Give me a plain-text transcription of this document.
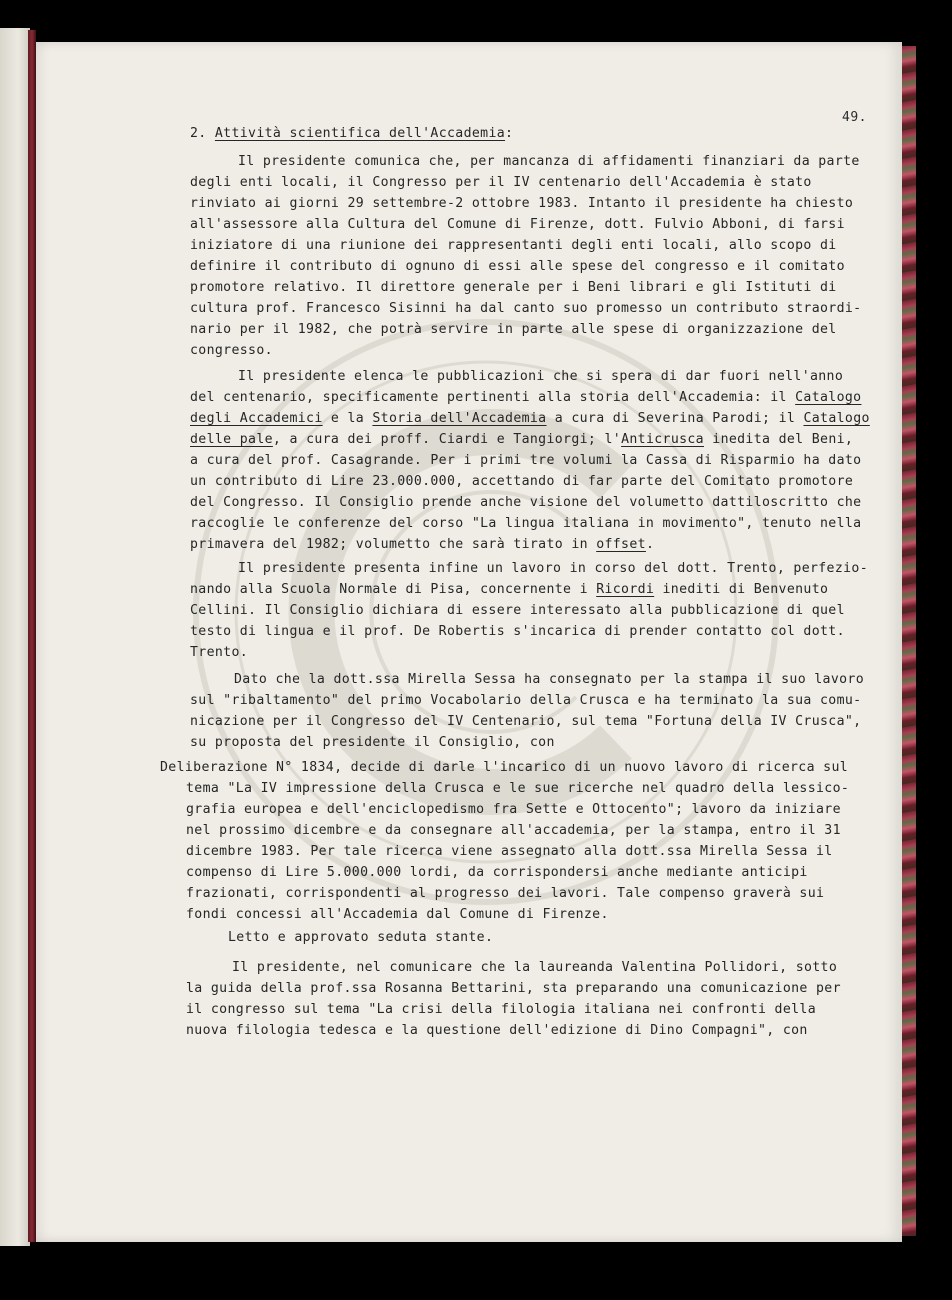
49.
2. Attività scientifica dell'Accademia:
Il presidente comunica che, per mancanza di affidamenti finanziari da parte
degli enti locali, il Congresso per il IV centenario dell'Accademia è stato
rinviato ai giorni 29 settembre-2 ottobre 1983. Intanto il presidente ha chiesto
all'assessore alla Cultura del Comune di Firenze, dott. Fulvio Abboni, di farsi
iniziatore di una riunione dei rappresentanti degli enti locali, allo scopo di
definire il contributo di ognuno di essi alle spese del congresso e il comitato
promotore relativo. Il direttore generale per i Beni librari e gli Istituti di
cultura prof. Francesco Sisinni ha dal canto suo promesso un contributo straordi-
nario per il 1982, che potrà servire in parte alle spese di organizzazione del
congresso.
Il presidente elenca le pubblicazioni che si spera di dar fuori nell'anno
del centenario, specificamente pertinenti alla storia dell'Accademia: il Catalogo
degli Accademici e la Storia dell'Accademia a cura di Severina Parodi; il Catalogo
delle pale, a cura dei proff. Ciardi e Tangiorgi; l'Anticrusca inedita del Beni,
a cura del prof. Casagrande. Per i primi tre volumi la Cassa di Risparmio ha dato
un contributo di Lire 23.000.000, accettando di far parte del Comitato promotore
del Congresso. Il Consiglio prende anche visione del volumetto dattiloscritto che
raccoglie le conferenze del corso "La lingua italiana in movimento", tenuto nella
primavera del 1982; volumetto che sarà tirato in offset.
Il presidente presenta infine un lavoro in corso del dott. Trento, perfezio-
nando alla Scuola Normale di Pisa, concernente i Ricordi inediti di Benvenuto
Cellini. Il Consiglio dichiara di essere interessato alla pubblicazione di quel
testo di lingua e il prof. De Robertis s'incarica di prender contatto col dott.
Trento.
Dato che la dott.ssa Mirella Sessa ha consegnato per la stampa il suo lavoro
sul "ribaltamento" del primo Vocabolario della Crusca e ha terminato la sua comu-
nicazione per il Congresso del IV Centenario, sul tema "Fortuna della IV Crusca",
su proposta del presidente il Consiglio, con
Deliberazione N° 1834, decide di darle l'incarico di un nuovo lavoro di ricerca sul
tema "La IV impressione della Crusca e le sue ricerche nel quadro della lessico-
grafia europea e dell'enciclopedismo fra Sette e Ottocento"; lavoro da iniziare
nel prossimo dicembre e da consegnare all'accademia, per la stampa, entro il 31
dicembre 1983. Per tale ricerca viene assegnato alla dott.ssa Mirella Sessa il
compenso di Lire 5.000.000 lordi, da corrispondersi anche mediante anticipi
frazionati, corrispondenti al progresso dei lavori. Tale compenso graverà sui
fondi concessi all'Accademia dal Comune di Firenze.
Letto e approvato seduta stante.
Il presidente, nel comunicare che la laureanda Valentina Pollidori, sotto
la guida della prof.ssa Rosanna Bettarini, sta preparando una comunicazione per
il congresso sul tema "La crisi della filologia italiana nei confronti della
nuova filologia tedesca e la questione dell'edizione di Dino Compagni", con
